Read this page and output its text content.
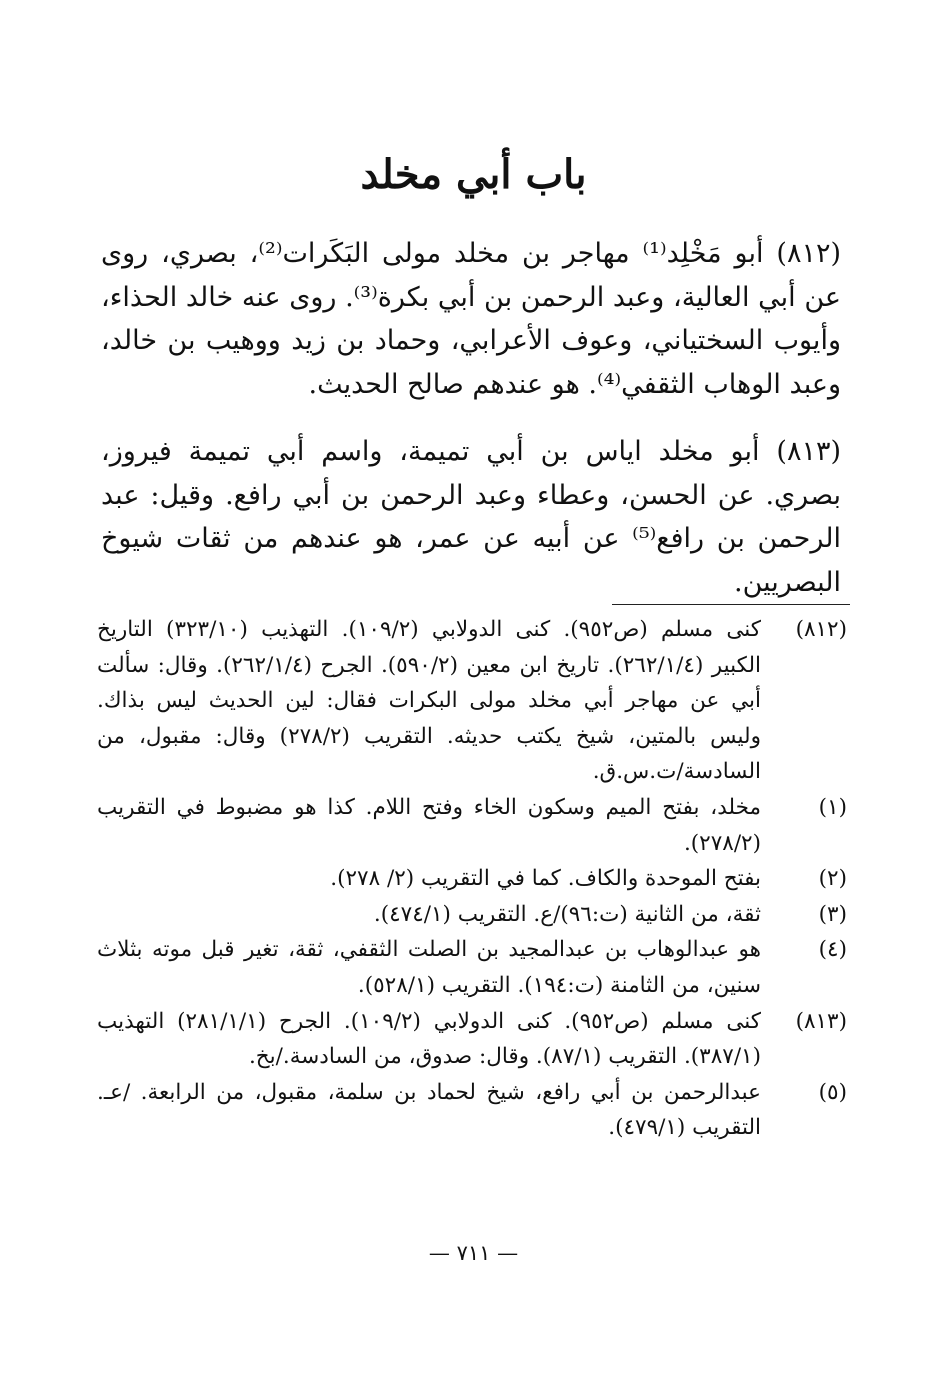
باب أبي مخلد

(٨١٢) أبو مَخْلِد⁽¹⁾ مهاجر بن مخلد مولى البَكَرات⁽²⁾، بصري، روى عن أبي العالية، وعبد الرحمن بن أبي بكرة⁽³⁾. روى عنه خالد الحذاء، وأيوب السختياني، وعوف الأعرابي، وحماد بن زيد ووهيب بن خالد، وعبد الوهاب الثقفي⁽⁴⁾. هو عندهم صالح الحديث.

(٨١٣) أبو مخلد اياس بن أبي تميمة، واسم أبي تميمة فيروز، بصري. عن الحسن، وعطاء وعبد الرحمن بن أبي رافع. وقيل: عبد الرحمن بن رافع⁽⁵⁾ عن أبيه عن عمر، هو عندهم من ثقات شيوخ البصريين.

(٨١٢)
كنى مسلم (ص٩٥٢). كنى الدولابي (١٠٩/٢). التهذيب (٣٢٣/١٠) التاريخ الكبير (٢٦٢/١/٤). تاريخ ابن معين (٥٩٠/٢). الجرح (٢٦٢/١/٤). وقال: سألت أبي عن مهاجر أبي مخلد مولى البكرات فقال: لين الحديث ليس بذاك. وليس بالمتين، شيخ يكتب حديثه. التقريب (٢٧٨/٢) وقال: مقبول، من السادسة/ت.س.ق.
(١)
مخلد، بفتح الميم وسكون الخاء وفتح اللام. كذا هو مضبوط في التقريب (٢٧٨/٢).
(٢)
بفتح الموحدة والكاف. كما في التقريب (٢/ ٢٧٨).
(٣)
ثقة، من الثانية (ت:٩٦)/ع. التقريب (٤٧٤/١).
(٤)
هو عبدالوهاب بن عبدالمجيد بن الصلت الثقفي، ثقة، تغير قبل موته بثلاث سنين، من الثامنة (ت:١٩٤). التقريب (٥٢٨/١).
(٨١٣)
كنى مسلم (ص٩٥٢). كنى الدولابي (١٠٩/٢). الجرح (٢٨١/١/١) التهذيب (٣٨٧/١). التقريب (٨٧/١). وقال: صدوق، من السادسة./بخ.
(٥)
عبدالرحمن بن أبي رافع، شيخ لحماد بن سلمة، مقبول، من الرابعة. /عـ. التقريب (٤٧٩/١).
— ٧١١ —
